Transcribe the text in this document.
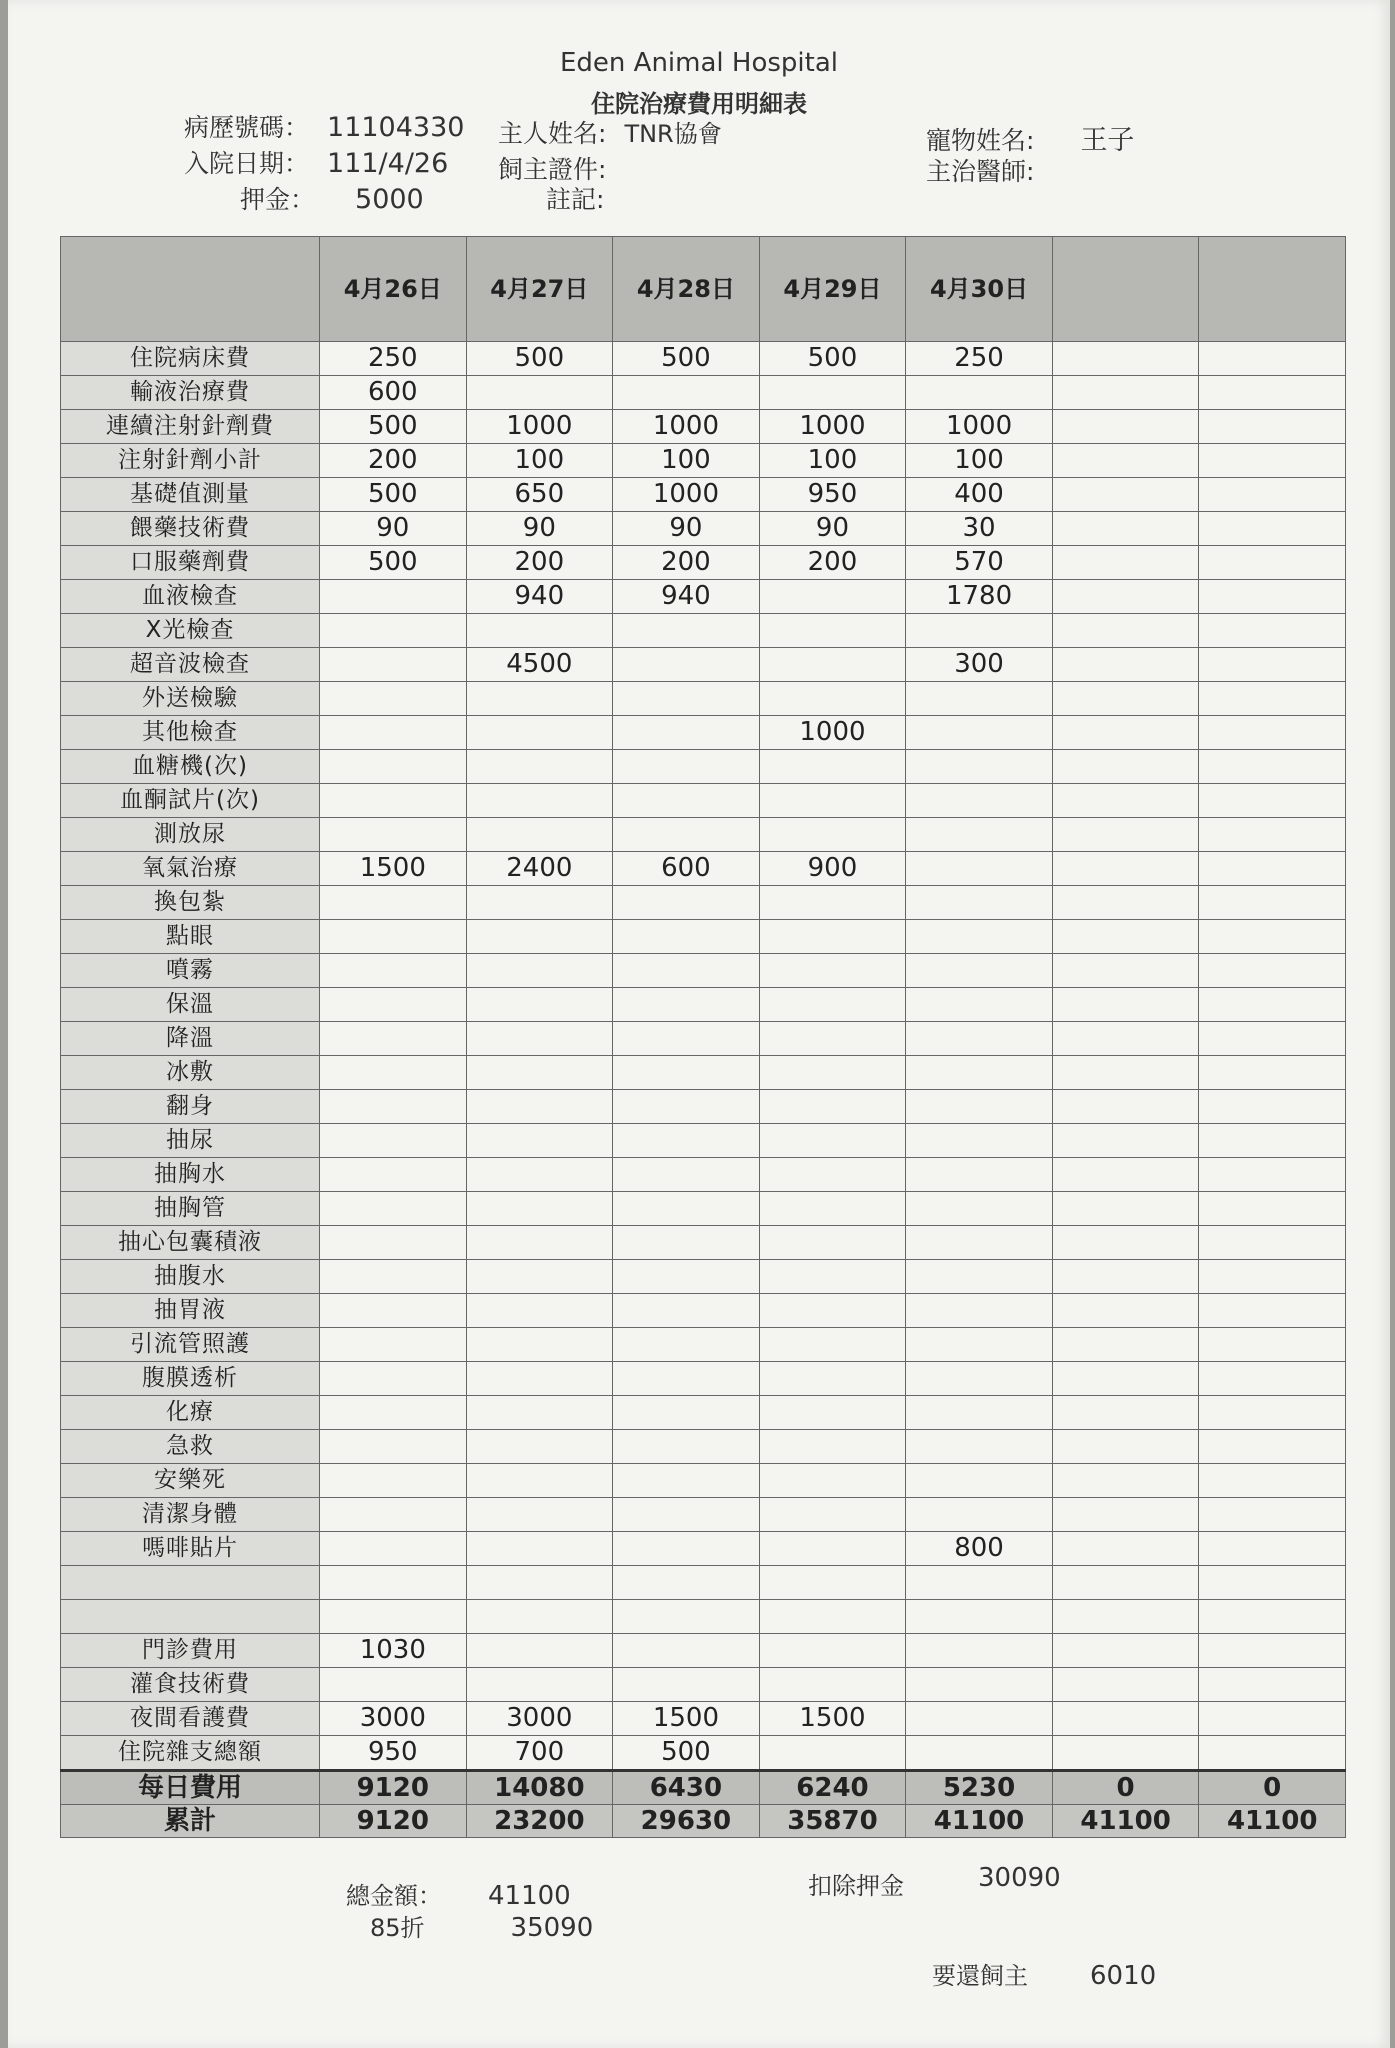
Eden Animal Hospital
住院治療費用明細表
病歷號碼： 11104330
入院日期： 111/4/26
押金： 5000
主人姓名: TNR協會
飼主證件:
註記:
寵物姓名: 王子
主治醫師:
	4月26日	4月27日	4月28日	4月29日	4月30日		
住院病床費	250	500	500	500	250		
輸液治療費	600						
連續注射針劑費	500	1000	1000	1000	1000		
注射針劑小計	200	100	100	100	100		
基礎值測量	500	650	1000	950	400		
餵藥技術費	90	90	90	90	30		
口服藥劑費	500	200	200	200	570		
血液檢查		940	940		1780		
X光檢查							
超音波檢查		4500			300		
外送檢驗							
其他檢查				1000			
血糖機(次)							
血酮試片(次)							
測放尿							
氧氣治療	1500	2400	600	900			
換包紮							
點眼							
噴霧							
保溫							
降溫							
冰敷							
翻身							
抽尿							
抽胸水							
抽胸管							
抽心包囊積液							
抽腹水							
抽胃液							
引流管照護							
腹膜透析							
化療							
急救							
安樂死							
清潔身體							
嗎啡貼片					800		

門診費用	1030						
灌食技術費							
夜間看護費	3000	3000	1500	1500			
住院雜支總額	950	700	500				
每日費用	9120	14080	6430	6240	5230	0	0
累計	9120	23200	29630	35870	41100	41100	41100
總金額： 41100
85折	35090
扣除押金	30090
要還飼主 6010
